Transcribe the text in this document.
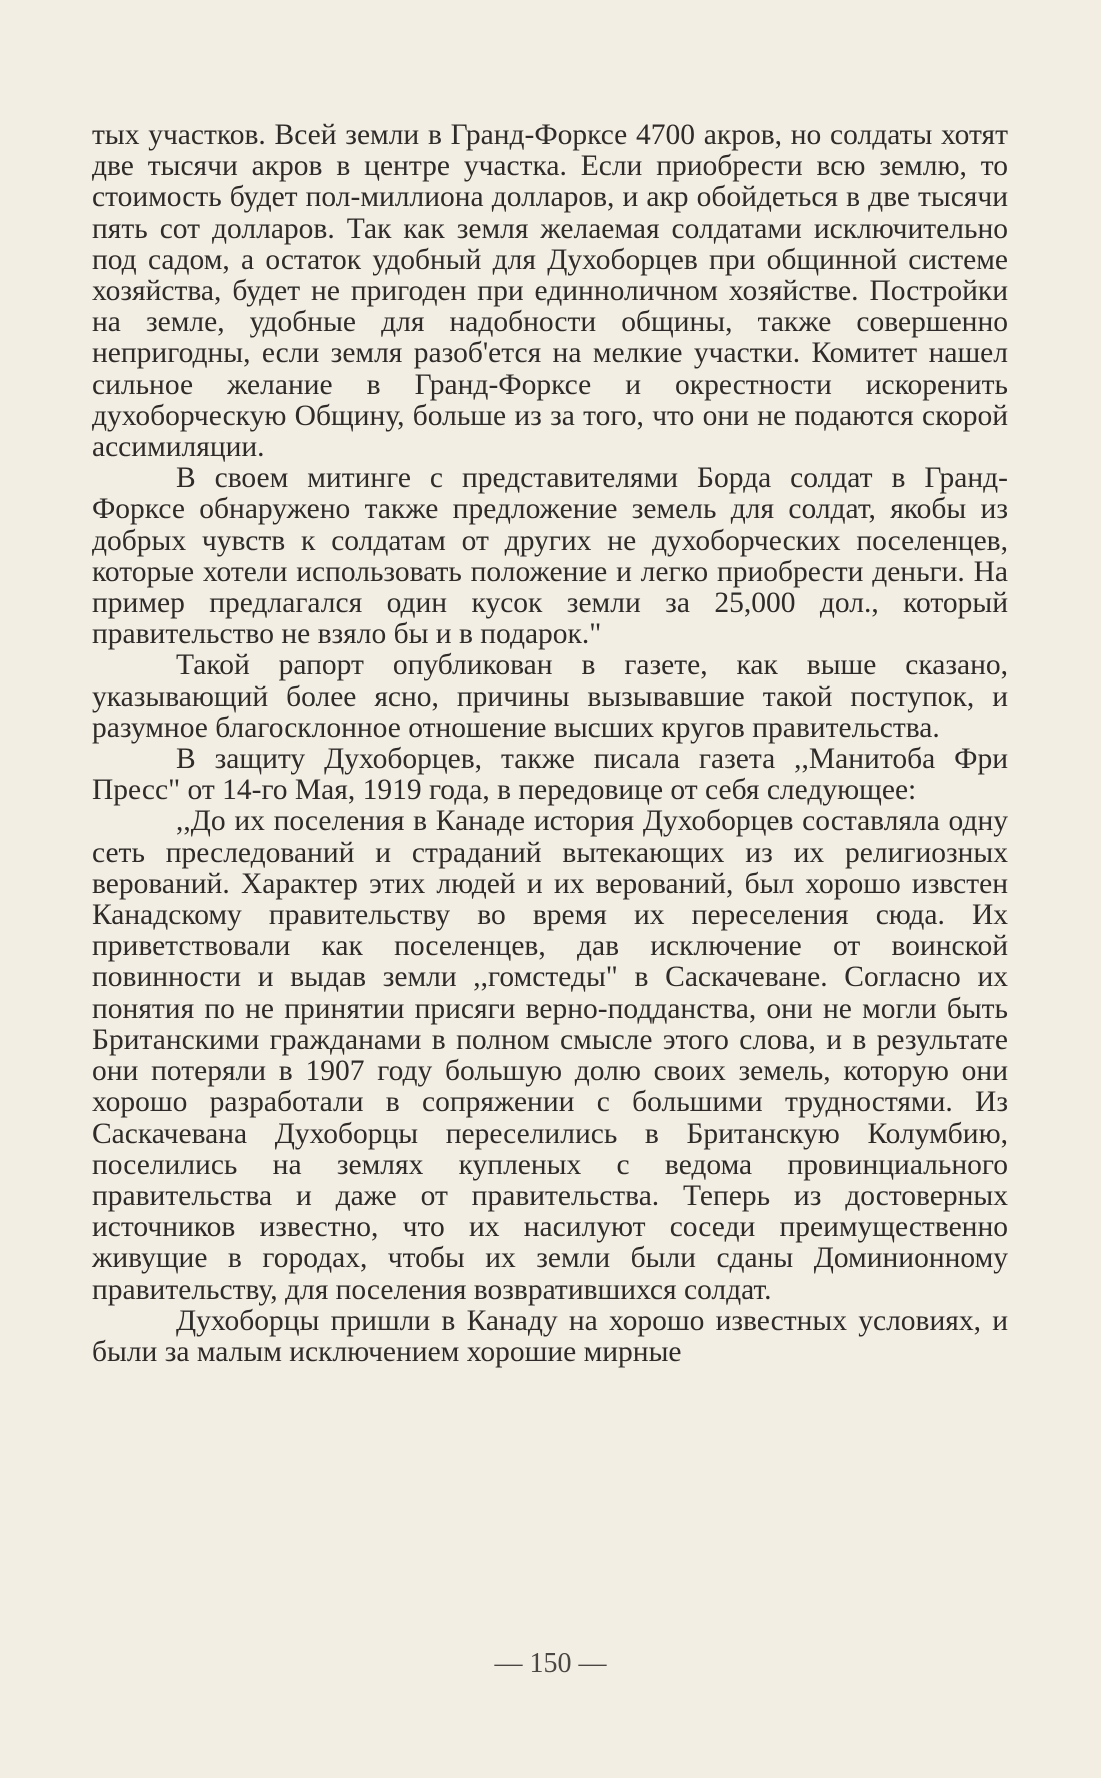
тых участков. Всей земли в Гранд-Форксе 4700 акров, но солдаты хотят две тысячи акров в центре участка. Если приобрести всю землю, то стоимость будет пол-миллиона долларов, и акр обойдеться в две тысячи пять сот долларов. Так как земля желаемая солдатами исключительно под садом, а остаток удобный для Духоборцев при общинной системе хозяйства, будет не пригоден при единноличном хозяйстве. Постройки на земле, удобные для надобности общины, также совершенно непригодны, если земля разоб'ется на мелкие участки. Комитет нашел сильное желание в Гранд-Форксе и окрестности искоренить духоборческую Общину, больше из за того, что они не подаются скорой ассимиляции.

В своем митинге с представителями Борда солдат в Гранд-Форксе обнаружено также предложение земель для солдат, якобы из добрых чувств к солдатам от других не духоборческих поселенцев, которые хотели использовать положение и легко приобрести деньги. На пример предлагался один кусок земли за 25,000 дол., который правительство не взяло бы и в подарок."

Такой рапорт опубликован в газете, как выше сказано, указывающий более ясно, причины вызывавшие такой поступок, и разумное благосклонное отношение высших кругов правительства.

В защиту Духоборцев, также писала газета ,,Манитоба Фри Пресс" от 14-го Мая, 1919 года, в передовице от себя следующее:

,,До их поселения в Канаде история Духоборцев составляла одну сеть преследований и страданий вытекающих из их религиозных верований. Характер этих людей и их верований, был хорошо извстен Канадскому правительству во время их переселения сюда. Их приветствовали как поселенцев, дав исключение от воинской повинности и выдав земли ,,гомстеды" в Саскачеване. Согласно их понятия по не принятии присяги верно-подданства, они не могли быть Британскими гражданами в полном смысле этого слова, и в результате они потеряли в 1907 году большую долю своих земель, которую они хорошо разработали в сопряжении с большими трудностями. Из Саскачевана Духоборцы переселились в Британскую Колумбию, поселились на землях купленых с ведома провинциального правительства и даже от правительства. Теперь из достоверных источников известно, что их насилуют соседи преимущественно живущие в городах, чтобы их земли были сданы Доминионному правительству, для поселения возвратившихся солдат.

Духоборцы пришли в Канаду на хорошо известных условиях, и были за малым исключением хорошие мирные

— 150 —
